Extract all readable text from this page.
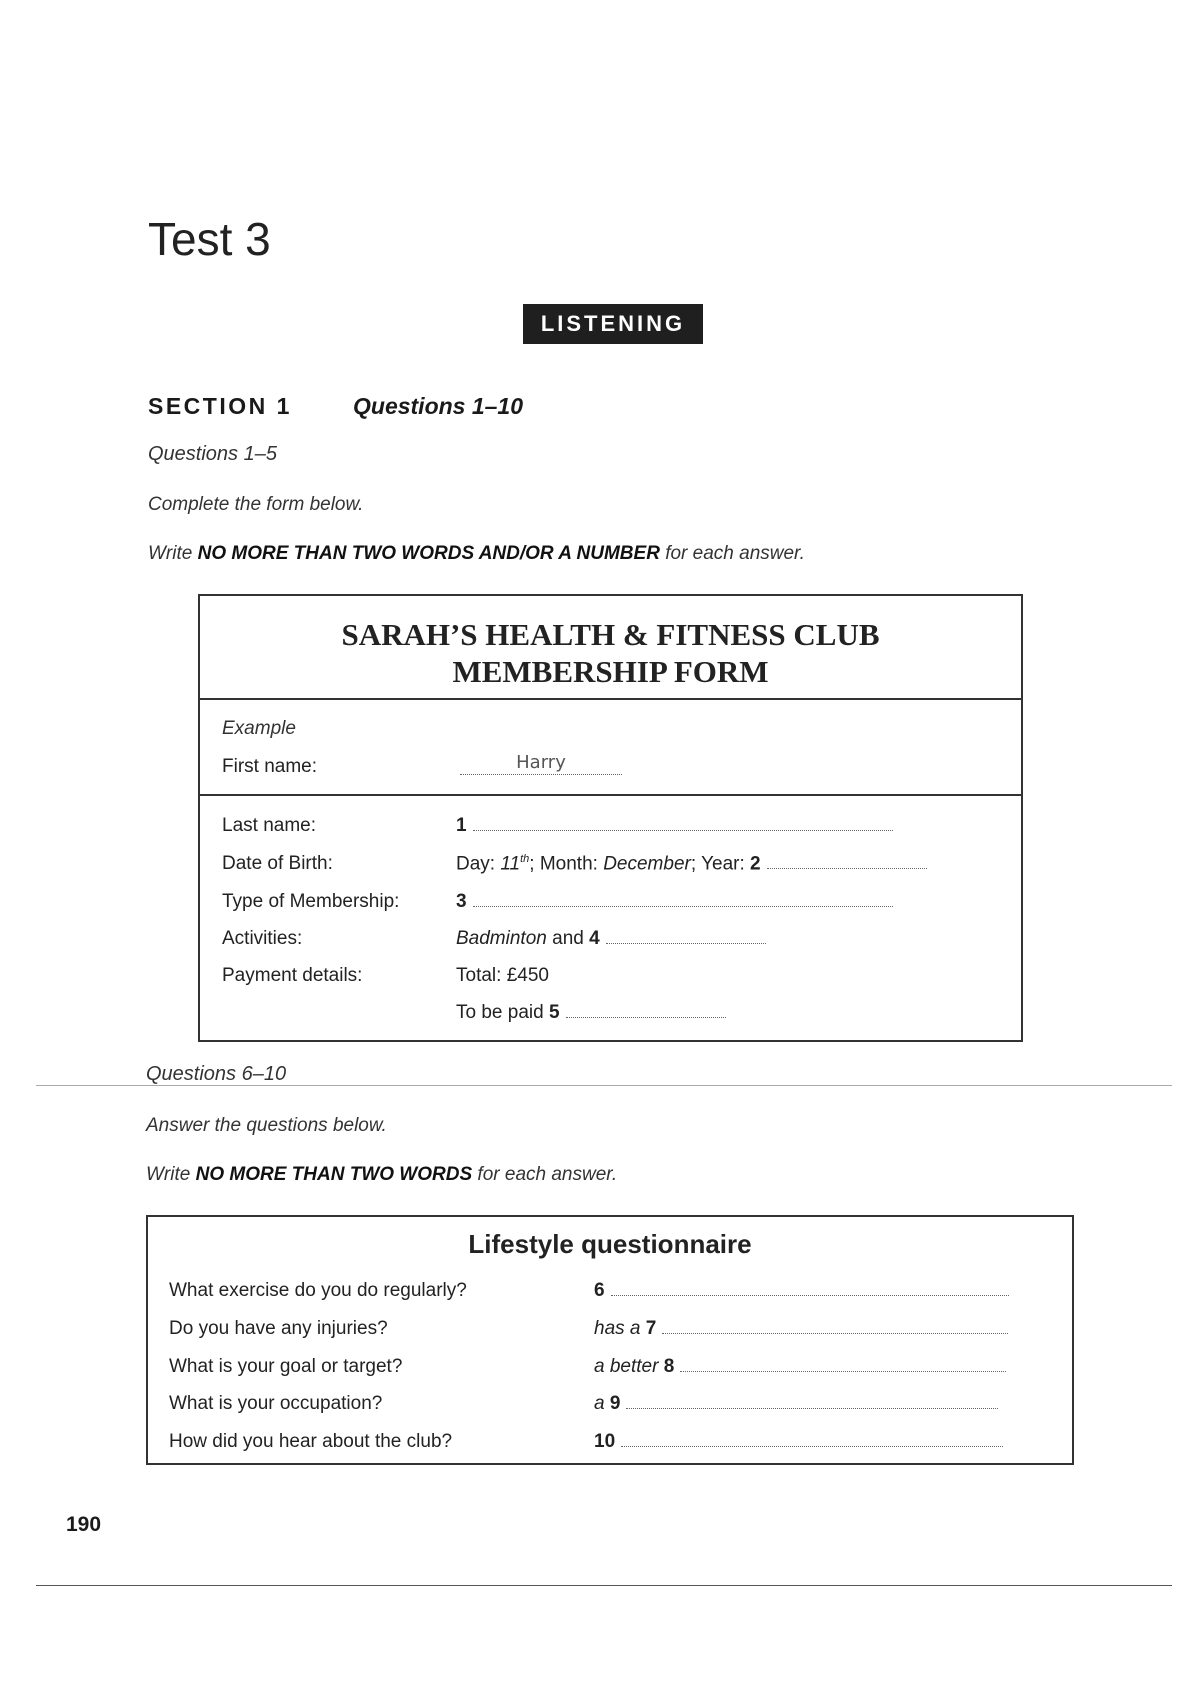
Test 3
LISTENING
SECTION 1	Questions 1–10
Questions 1–5
Complete the form below.
Write NO MORE THAN TWO WORDS AND/OR A NUMBER for each answer.
SARAH’S HEALTH & FITNESS CLUB
MEMBERSHIP FORM
Example
First name:	Harry
Last name:	1
Date of Birth:	Day: 11th; Month: December; Year: 2
Type of Membership:	3
Activities:	Badminton and 4
Payment details:	Total: £450
To be paid 5
Questions 6–10
Answer the questions below.
Write NO MORE THAN TWO WORDS for each answer.
Lifestyle questionnaire
What exercise do you do regularly?	6
Do you have any injuries?	has a 7
What is your goal or target?	a better 8
What is your occupation?	a 9
How did you hear about the club?	10
190
